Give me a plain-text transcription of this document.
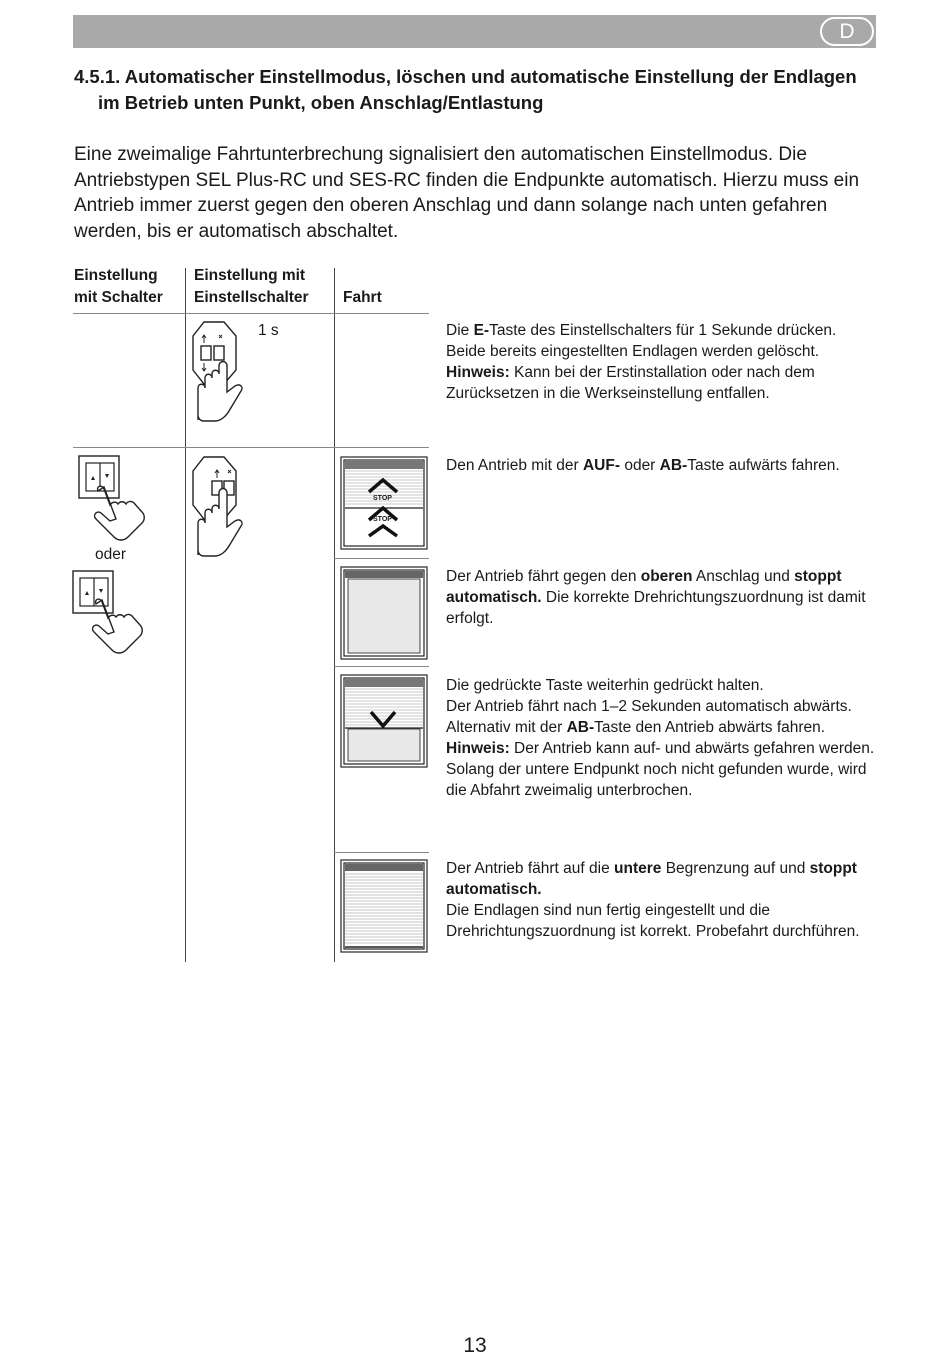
D
4.5.1. Automatischer Einstellmodus, löschen und automatische Einstellung der Endlagen
im Betrieb unten Punkt, oben Anschlag/Entlastung
Eine zweimalige Fahrtunterbrechung signalisiert den automatischen Einstellmodus. Die Antriebstypen SEL Plus-RC und SES-RC finden die Endpunkte automatisch. Hierzu muss ein Antrieb immer zuerst gegen den oberen Anschlag und dann solange nach unten gefahren werden, bis er automatisch abschaltet.
Einstellung
mit Schalter
Einstellung mit
Einstellschalter Fahrt
1 s	Die E-Taste des Einstellschalters für 1 Sekunde drücken. Beide bereits eingestellten Endlagen werden gelöscht.
Hinweis: Kann bei der Erstinstallation oder nach dem Zurücksetzen in die Werkseinstellung entfallen.
oder
STOP
STOP
Den Antrieb mit der AUF- oder AB-Taste aufwärts fahren.
Der Antrieb fährt gegen den oberen Anschlag und stoppt automatisch. Die korrekte Drehrichtungszuordnung ist damit erfolgt.
Die gedrückte Taste weiterhin gedrückt halten.
Der Antrieb fährt nach 1–2 Sekunden automatisch abwärts. Alternativ mit der AB-Taste den Antrieb abwärts fahren.
Hinweis: Der Antrieb kann auf- und abwärts gefahren werden. Solang der untere Endpunkt noch nicht gefunden wurde, wird die Abfahrt zweimalig unterbrochen.
Der Antrieb fährt auf die untere Begrenzung auf und stoppt automatisch.
Die Endlagen sind nun fertig eingestellt und die Drehrichtungszuordnung ist korrekt. Probefahrt durchführen.
13
